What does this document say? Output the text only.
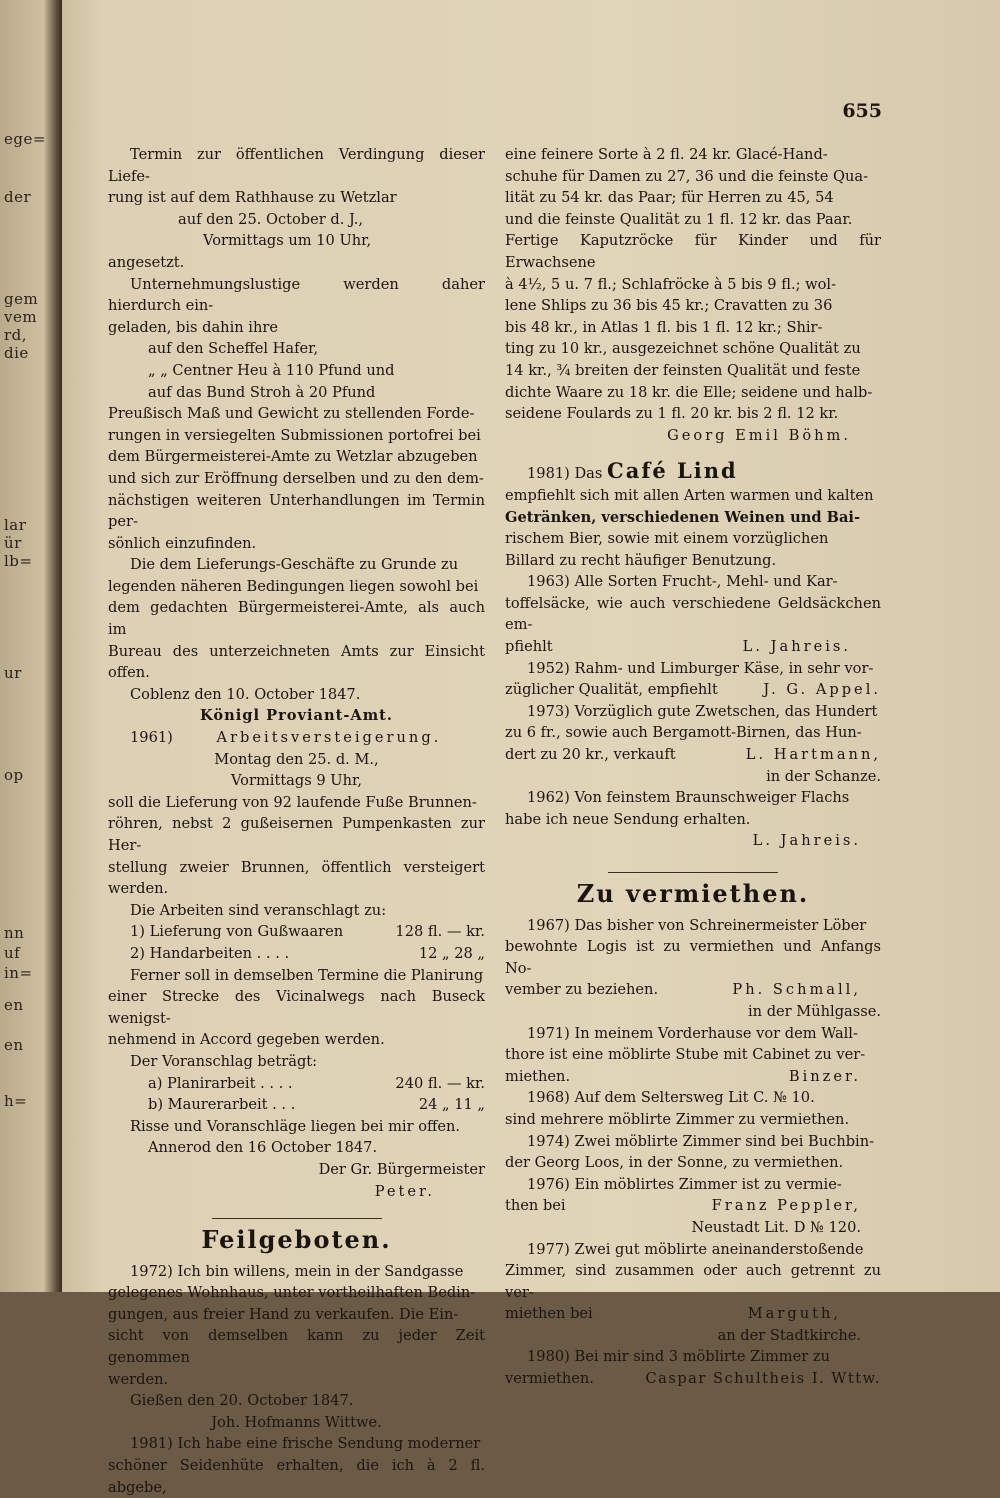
ege=
der
gem
vem
rd,
die
lar
ür
lb=
ur
op
nn
uf
in=
en
en
h=
655

Termin zur öffentlichen Verdingung dieser Liefe-

rung ist auf dem Rathhause zu Wetzlar

auf den 25. October d. J.,

Vormittags um 10 Uhr,

angesetzt.

Unternehmungslustige werden daher hierdurch ein-

geladen, bis dahin ihre

auf den Scheffel Hafer,

„ „ Centner Heu à 110 Pfund und

auf das Bund Stroh à 20 Pfund

Preußisch Maß und Gewicht zu stellenden Forde-

rungen in versiegelten Submissionen portofrei bei

dem Bürgermeisterei-Amte zu Wetzlar abzugeben

und sich zur Eröffnung derselben und zu den dem-

nächstigen weiteren Unterhandlungen im Termin per-

sönlich einzufinden.

Die dem Lieferungs-Geschäfte zu Grunde zu

legenden näheren Bedingungen liegen sowohl bei

dem gedachten Bürgermeisterei-Amte, als auch im

Bureau des unterzeichneten Amts zur Einsicht offen.

Coblenz den 10. October 1847.

Königl Proviant-Amt.

1961)	Arbeitsversteigerung.

Montag den 25. d. M.,

Vormittags 9 Uhr,

soll die Lieferung von 92 laufende Fuße Brunnen-

röhren, nebst 2 gußeisernen Pumpenkasten zur Her-

stellung zweier Brunnen, öffentlich versteigert werden.

Die Arbeiten sind veranschlagt zu:

1) Lieferung von Gußwaaren	128 fl. — kr.
2) Handarbeiten . . . .	12 „ 28 „

Ferner soll in demselben Termine die Planirung

einer Strecke des Vicinalwegs nach Buseck wenigst-

nehmend in Accord gegeben werden.

Der Voranschlag beträgt:

a) Planirarbeit . . . .	240 fl. — kr.
b) Maurerarbeit . . .	24 „ 11 „

Risse und Voranschläge liegen bei mir offen.

Annerod den 16 October 1847.

Der Gr. Bürgermeister

Peter.

Feilgeboten.

1972) Ich bin willens, mein in der Sandgasse

gelegenes Wohnhaus, unter vortheilhaften Bedin-

gungen, aus freier Hand zu verkaufen. Die Ein-

sicht von demselben kann zu jeder Zeit genommen

werden.

Gießen den 20. October 1847.

Joh. Hofmanns Wittwe.

1981) Ich habe eine frische Sendung moderner

schöner Seidenhüte erhalten, die ich à 2 fl. abgebe,

eine feinere Sorte à 2 fl. 24 kr. Glacé-Hand-

schuhe für Damen zu 27, 36 und die feinste Qua-

lität zu 54 kr. das Paar; für Herren zu 45, 54

und die feinste Qualität zu 1 fl. 12 kr. das Paar.

Fertige Kaputzröcke für Kinder und für Erwachsene

à 4½, 5 u. 7 fl.; Schlafröcke à 5 bis 9 fl.; wol-

lene Shlips zu 36 bis 45 kr.; Cravatten zu 36

bis 48 kr., in Atlas 1 fl. bis 1 fl. 12 kr.; Shir-

ting zu 10 kr., ausgezeichnet schöne Qualität zu

14 kr., ¾ breiten der feinsten Qualität und feste

dichte Waare zu 18 kr. die Elle; seidene und halb-

seidene Foulards zu 1 fl. 20 kr. bis 2 fl. 12 kr.

Georg Emil Böhm.

1981) Das Café Lind

empfiehlt sich mit allen Arten warmen und kalten

Getränken, verschiedenen Weinen und Bai-

rischem Bier, sowie mit einem vorzüglichen

Billard zu recht häufiger Benutzung.

1963) Alle Sorten Frucht-, Mehl- und Kar-

toffelsäcke, wie auch verschiedene Geldsäckchen em-

pfiehlt	L. Jahreis.

1952) Rahm- und Limburger Käse, in sehr vor-

züglicher Qualität, empfiehlt	J. G. Appel.

1973) Vorzüglich gute Zwetschen, das Hundert

zu 6 fr., sowie auch Bergamott-Birnen, das Hun-

dert zu 20 kr., verkauft	L. Hartmann,

in der Schanze.

1962) Von feinstem Braunschweiger Flachs

habe ich neue Sendung erhalten.

L. Jahreis.

Zu vermiethen.

1967) Das bisher von Schreinermeister Löber

bewohnte Logis ist zu vermiethen und Anfangs No-

vember zu beziehen.	Ph. Schmall,

in der Mühlgasse.

1971) In meinem Vorderhause vor dem Wall-

thore ist eine möblirte Stube mit Cabinet zu ver-

miethen.	Binzer.

1968) Auf dem Seltersweg Lit C. № 10.

sind mehrere möblirte Zimmer zu vermiethen.

1974) Zwei möblirte Zimmer sind bei Buchbin-

der Georg Loos, in der Sonne, zu vermiethen.

1976) Ein möblirtes Zimmer ist zu vermie-

then bei	Franz Peppler,

Neustadt Lit. D № 120.

1977) Zwei gut möblirte aneinanderstoßende

Zimmer, sind zusammen oder auch getrennt zu ver-

miethen bei	Marguth,

an der Stadtkirche.

1980) Bei mir sind 3 möblirte Zimmer zu

vermiethen.	Caspar Schultheis I. Wttw.
